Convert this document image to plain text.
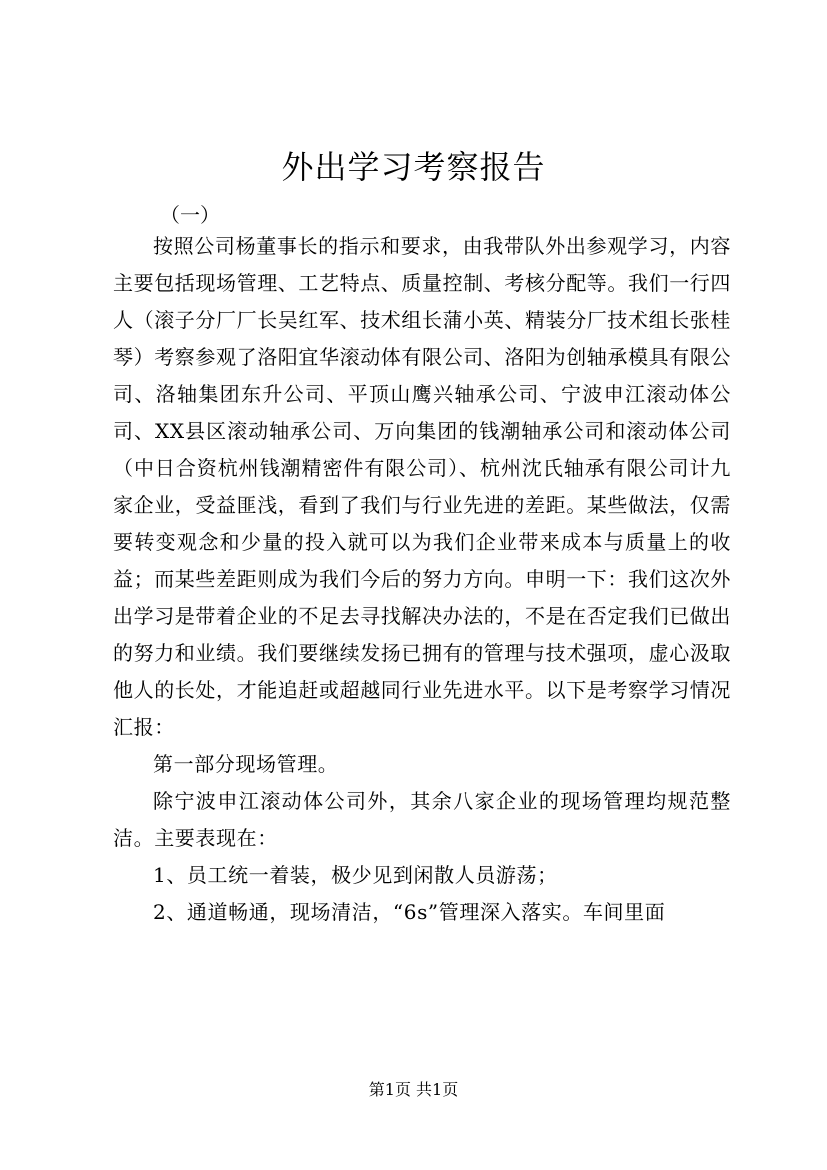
外出学习考察报告
（一）

按照公司杨董事长的指示和要求，由我带队外出参观学习，内容主要包括现场管理、工艺特点、质量控制、考核分配等。我们一行四人（滚子分厂厂长吴红军、技术组长蒲小英、精装分厂技术组长张桂琴）考察参观了洛阳宜华滚动体有限公司、洛阳为创轴承模具有限公司、洛轴集团东升公司、平顶山鹰兴轴承公司、宁波申江滚动体公司、XX县区滚动轴承公司、万向集团的钱潮轴承公司和滚动体公司（中日合资杭州钱潮精密件有限公司）、杭州沈氏轴承有限公司计九家企业，受益匪浅，看到了我们与行业先进的差距。某些做法，仅需要转变观念和少量的投入就可以为我们企业带来成本与质量上的收益；而某些差距则成为我们今后的努力方向。申明一下：我们这次外出学习是带着企业的不足去寻找解决办法的，不是在否定我们已做出的努力和业绩。我们要继续发扬已拥有的管理与技术强项，虚心汲取他人的长处，才能追赶或超越同行业先进水平。以下是考察学习情况汇报：

第一部分现场管理。

除宁波申江滚动体公司外，其余八家企业的现场管理均规范整洁。主要表现在：

1、员工统一着装，极少见到闲散人员游荡；

2、通道畅通，现场清洁，“6s”管理深入落实。车间里面

第1页 共1页
